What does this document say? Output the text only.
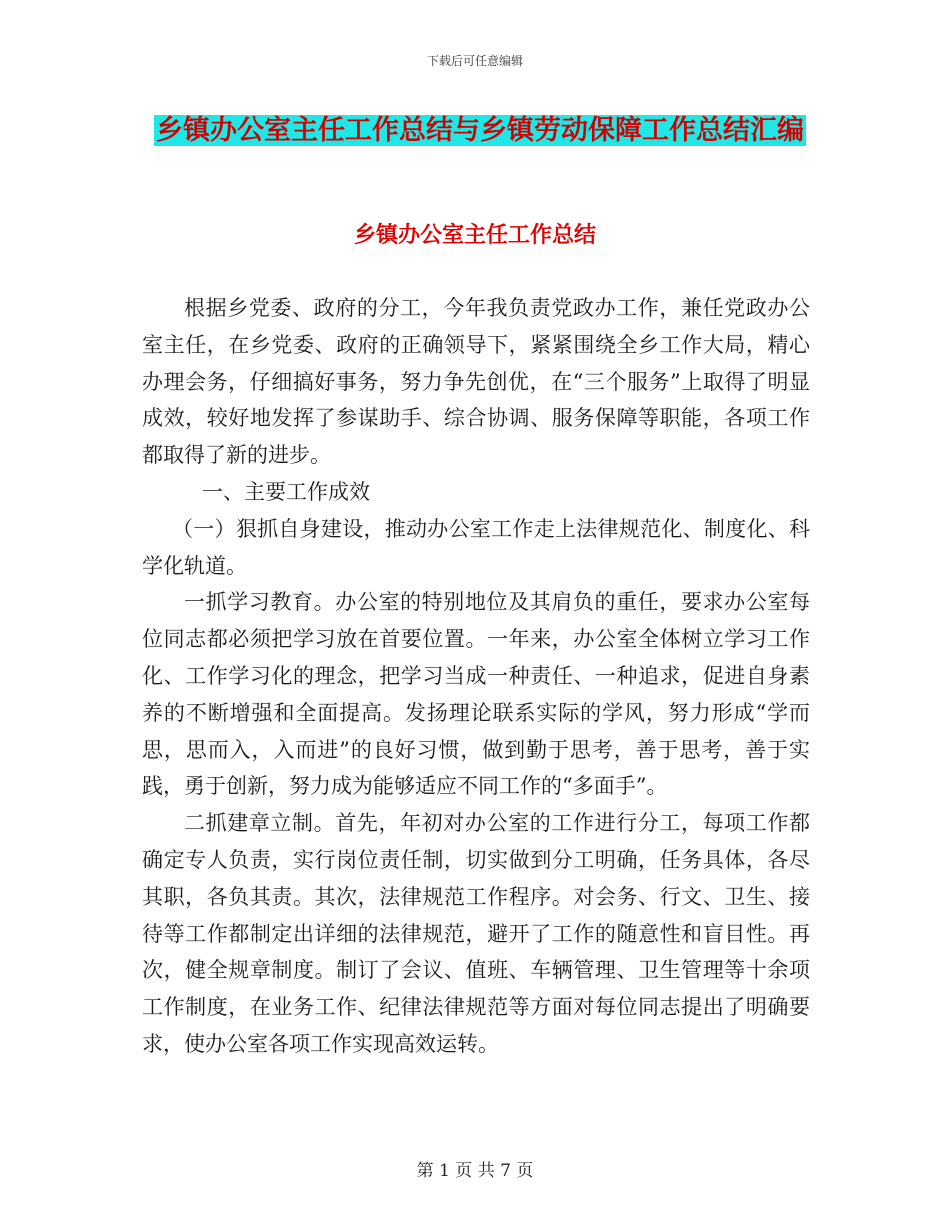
下载后可任意编辑
乡镇办公室主任工作总结与乡镇劳动保障工作总结汇编
乡镇办公室主任工作总结

根据乡党委、政府的分工，今年我负责党政办工作，兼任党政办公室主任，在乡党委、政府的正确领导下，紧紧围绕全乡工作大局，精心办理会务，仔细搞好事务，努力争先创优，在“三个服务”上取得了明显成效，较好地发挥了参谋助手、综合协调、服务保障等职能，各项工作都取得了新的进步。

一、主要工作成效

（一）狠抓自身建设，推动办公室工作走上法律规范化、制度化、科学化轨道。

一抓学习教育。办公室的特别地位及其肩负的重任，要求办公室每位同志都必须把学习放在首要位置。一年来，办公室全体树立学习工作化、工作学习化的理念，把学习当成一种责任、一种追求，促进自身素养的不断增强和全面提高。发扬理论联系实际的学风，努力形成“学而思，思而入，入而进”的良好习惯，做到勤于思考，善于思考，善于实践，勇于创新，努力成为能够适应不同工作的“多面手”。

二抓建章立制。首先，年初对办公室的工作进行分工，每项工作都确定专人负责，实行岗位责任制，切实做到分工明确，任务具体，各尽其职，各负其责。其次，法律规范工作程序。对会务、行文、卫生、接待等工作都制定出详细的法律规范，避开了工作的随意性和盲目性。再次，健全规章制度。制订了会议、值班、车辆管理、卫生管理等十余项工作制度，在业务工作、纪律法律规范等方面对每位同志提出了明确要求，使办公室各项工作实现高效运转。

第 1 页 共 7 页
